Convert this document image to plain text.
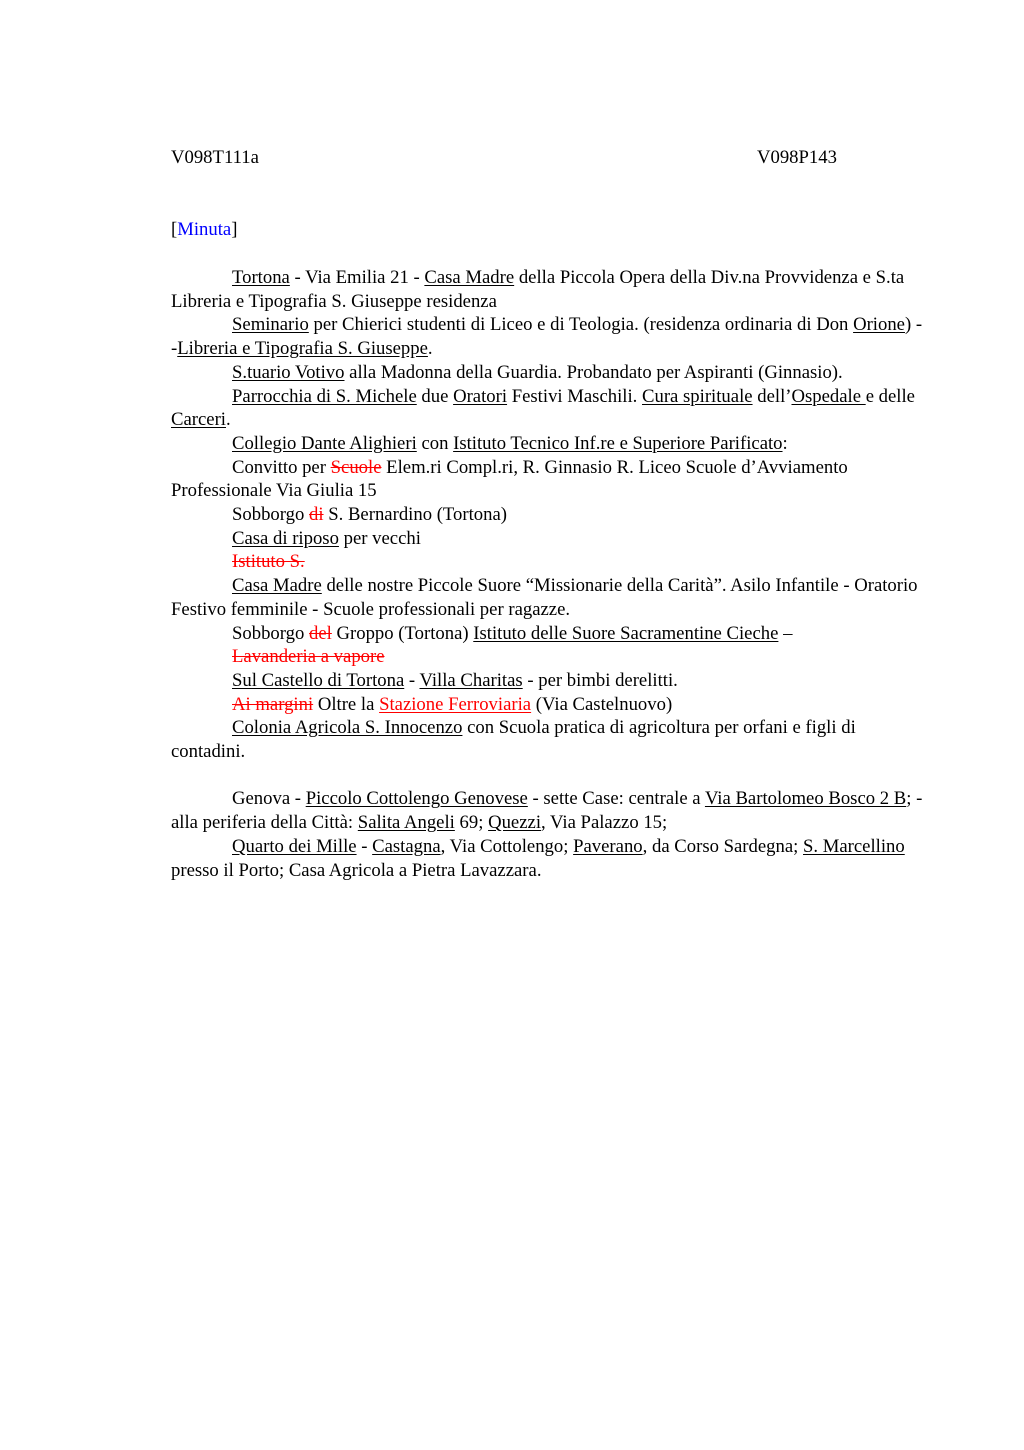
V098T111a	V098P143
[Minuta]

Tortona - Via Emilia 21 - Casa Madre della Piccola Opera della Div.na Provvidenza e S.ta Libreria e Tipografia S. Giuseppe residenza

Seminario per Chierici studenti di Liceo e di Teologia. (residenza ordinaria di Don Orione) - -Libreria e Tipografia S. Giuseppe.

S.tuario Votivo alla Madonna della Guardia. Probandato per Aspiranti (Ginnasio).

Parrocchia di S. Michele due Oratori Festivi Maschili. Cura spirituale dell’Ospedale e delle Carceri.

Collegio Dante Alighieri con Istituto Tecnico Inf.re e Superiore Parificato:

Convitto per Scuole Elem.ri Compl.ri, R. Ginnasio R. Liceo Scuole d’Avviamento Professionale Via Giulia 15

Sobborgo di S. Bernardino (Tortona)

Casa di riposo per vecchi

Istituto S.

Casa Madre delle nostre Piccole Suore “Missionarie della Carità”. Asilo Infantile - Oratorio Festivo femminile - Scuole professionali per ragazze.

Sobborgo del Groppo (Tortona) Istituto delle Suore Sacramentine Cieche –

Lavanderia a vapore

Sul Castello di Tortona - Villa Charitas - per bimbi derelitti.

Ai margini Oltre la Stazione Ferroviaria (Via Castelnuovo)

Colonia Agricola S. Innocenzo con Scuola pratica di agricoltura per orfani e figli di contadini.

Genova - Piccolo Cottolengo Genovese - sette Case: centrale a Via Bartolomeo Bosco 2 B; - alla periferia della Città: Salita Angeli 69; Quezzi, Via Palazzo 15;

Quarto dei Mille - Castagna, Via Cottolengo; Paverano, da Corso Sardegna; S. Marcellino presso il Porto; Casa Agricola a Pietra Lavazzara.
